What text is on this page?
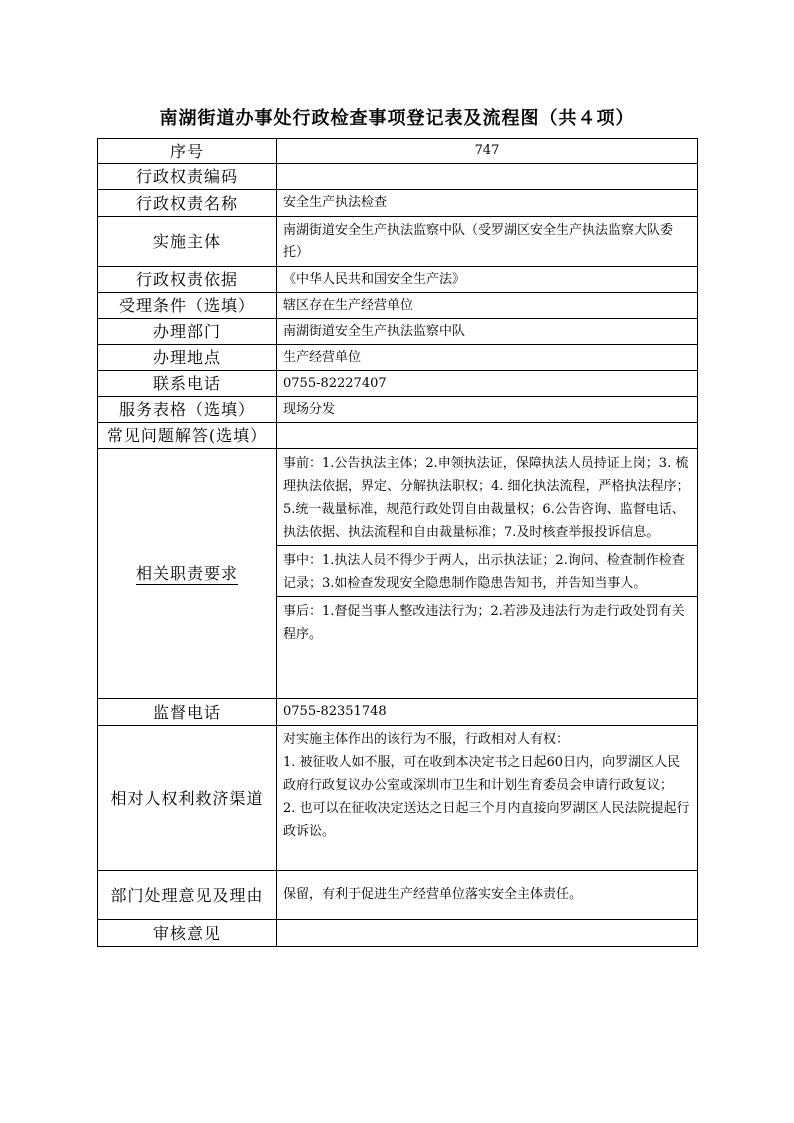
南湖街道办事处行政检查事项登记表及流程图（共４项）
序号	747
行政权责编码	
行政权责名称	安全生产执法检查
实施主体	南湖街道安全生产执法监察中队（受罗湖区安全生产执法监察大队委托）
行政权责依据	《中华人民共和国安全生产法》
受理条件（选填）	辖区存在生产经营单位
办理部门	南湖街道安全生产执法监察中队
办理地点	生产经营单位
联系电话	0755-82227407
服务表格（选填）	现场分发
常见问题解答(选填）	
相关职责要求	事前：1.公告执法主体；2.申领执法证，保障执法人员持证上岗；3. 梳理执法依据，界定、分解执法职权；4. 细化执法流程，严格执法程序；5.统一裁量标准，规范行政处罚自由裁量权；6.公告咨询、监督电话、执法依据、执法流程和自由裁量标准；7.及时核查举报投诉信息。
事中：1.执法人员不得少于两人，出示执法证；2.询问、检查制作检查记录；3.如检查发现安全隐患制作隐患告知书，并告知当事人。
事后：1.督促当事人整改违法行为；2.若涉及违法行为走行政处罚有关程序。

监督电话	0755-82351748
相对人权利救济渠道	对实施主体作出的该行为不服，行政相对人有权：
1. 被征收人如不服，可在收到本决定书之日起60日内，向罗湖区人民政府行政复议办公室或深圳市卫生和计划生育委员会申请行政复议；
2. 也可以在征收决定送达之日起三个月内直接向罗湖区人民法院提起行政诉讼。

部门处理意见及理由	保留，有利于促进生产经营单位落实安全主体责任。
审核意见	
